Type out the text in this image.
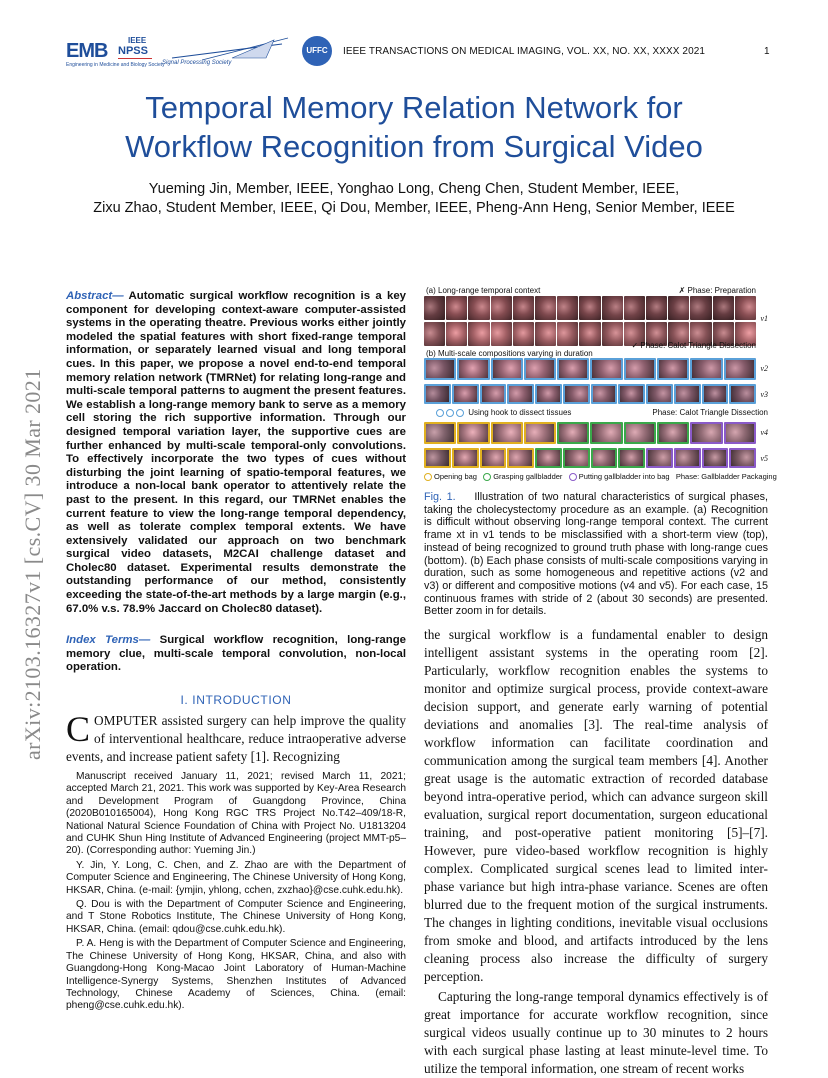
EMB
Engineering in Medicine and Biology Society
IEEE
NPSS
Signal Processing Society
UFFC	IEEE TRANSACTIONS ON MEDICAL IMAGING, VOL. XX, NO. XX, XXXX 2021	1
Temporal Memory Relation Network for
Workflow Recognition from Surgical Video
Yueming Jin, Member, IEEE, Yonghao Long, Cheng Chen, Student Member, IEEE,
Zixu Zhao, Student Member, IEEE, Qi Dou, Member, IEEE, Pheng-Ann Heng, Senior Member, IEEE
arXiv:2103.16327v1 [cs.CV] 30 Mar 2021
Abstract— Automatic surgical workflow recognition is a key component for developing context-aware computer-assisted systems in the operating theatre. Previous works either jointly modeled the spatial features with short fixed-range temporal information, or separately learned visual and long temporal cues. In this paper, we propose a novel end-to-end temporal memory relation network (TMRNet) for relating long-range and multi-scale temporal patterns to augment the present features. We establish a long-range memory bank to serve as a memory cell storing the rich supportive information. Through our designed temporal variation layer, the supportive cues are further enhanced by multi-scale temporal-only convolutions. To effectively incorporate the two types of cues without disturbing the joint learning of spatio-temporal features, we introduce a non-local bank operator to attentively relate the past to the present. In this regard, our TMRNet enables the current feature to view the long-range temporal dependency, as well as tolerate complex temporal extents. We have extensively validated our approach on two benchmark surgical video datasets, M2CAI challenge dataset and Cholec80 dataset. Experimental results demonstrate the outstanding performance of our method, consistently exceeding the state-of-the-art methods by a large margin (e.g., 67.0% v.s. 78.9% Jaccard on Cholec80 dataset).
Index Terms— Surgical workflow recognition, long-range memory clue, multi-scale temporal convolution, non-local operation.
I. INTRODUCTION
C OMPUTER assisted surgery can help improve the quality of interventional healthcare, reduce intraoperative adverse events, and increase patient safety [1]. Recognizing

Manuscript received January 11, 2021; revised March 11, 2021; accepted March 21, 2021. This work was supported by Key-Area Research and Development Program of Guangdong Province, China (2020B010165004), Hong Kong RGC TRS Project No.T42–409/18-R, National Natural Science Foundation of China with Project No. U1813204 and CUHK Shun Hing Institute of Advanced Engineering (project MMT-p5–20). (Corresponding author: Yueming Jin.)

Y. Jin, Y. Long, C. Chen, and Z. Zhao are with the Department of Computer Science and Engineering, The Chinese University of Hong Kong, HKSAR, China. (e-mail: {ymjin, yhlong, cchen, zxzhao}@cse.cuhk.edu.hk).

Q. Dou is with the Department of Computer Science and Engineering, and T Stone Robotics Institute, The Chinese University of Hong Kong, HKSAR, China. (email: qdou@cse.cuhk.edu.hk).

P. A. Heng is with the Department of Computer Science and Engineering, The Chinese University of Hong Kong, HKSAR, China, and also with Guangdong-Hong Kong-Macao Joint Laboratory of Human-Machine Intelligence-Synergy Systems, Shenzhen Institutes of Advanced Technology, Chinese Academy of Sciences, China. (email: pheng@cse.cuhk.edu.hk).

(a) Long-range temporal context	✗ Phase: Preparation
v1
✓ Phase: Calot Triangle Dissection
(b) Multi-scale compositions varying in duration
v2
v3
Using hook to dissect tissues	Phase: Calot Triangle Dissection
v4
v5
Opening bag Grasping gallbladder Putting gallbladder into bag Phase: Gallbladder Packaging
Fig. 1. Illustration of two natural characteristics of surgical phases, taking the cholecystectomy procedure as an example. (a) Recognition is difficult without observing long-range temporal context. The current frame xt in v1 tends to be misclassified with a short-term view (top), instead of being recognized to ground truth phase with long-range cues (bottom). (b) Each phase consists of multi-scale compositions varying in duration, such as some homogeneous and repetitive actions (v2 and v3) or different and compositive motions (v4 and v5). For each case, 15 continuous frames with stride of 2 (about 30 seconds) are presented. Better zoom in for details.

the surgical workflow is a fundamental enabler to design intelligent assistant systems in the operating room [2]. Particularly, workflow recognition enables the systems to monitor and optimize surgical process, provide context-aware decision support, and generate early warning of potential deviations and anomalies [3]. The real-time analysis of workflow information can facilitate coordination and communication among the surgical team members [4]. Another great usage is the automatic extraction of recorded database beyond intra-operative period, which can advance surgeon skill evaluation, surgical report documentation, surgeon educational training, and post-operative patient monitoring [5]–[7]. However, pure video-based workflow recognition is highly complex. Complicated surgical scenes lead to limited inter-phase variance but high intra-phase variance. Scenes are often blurred due to the frequent motion of the surgical instruments. The changes in lighting conditions, inevitable visual occlusions from smoke and blood, and artifacts introduced by the lens cleaning process also increase the difficulty of surgery perception.

Capturing the long-range temporal dynamics effectively is of great importance for accurate workflow recognition, since surgical videos usually continue up to 30 minutes to 2 hours with each surgical phase lasting at least minute-level time. To utilize the temporal information, one stream of recent works
